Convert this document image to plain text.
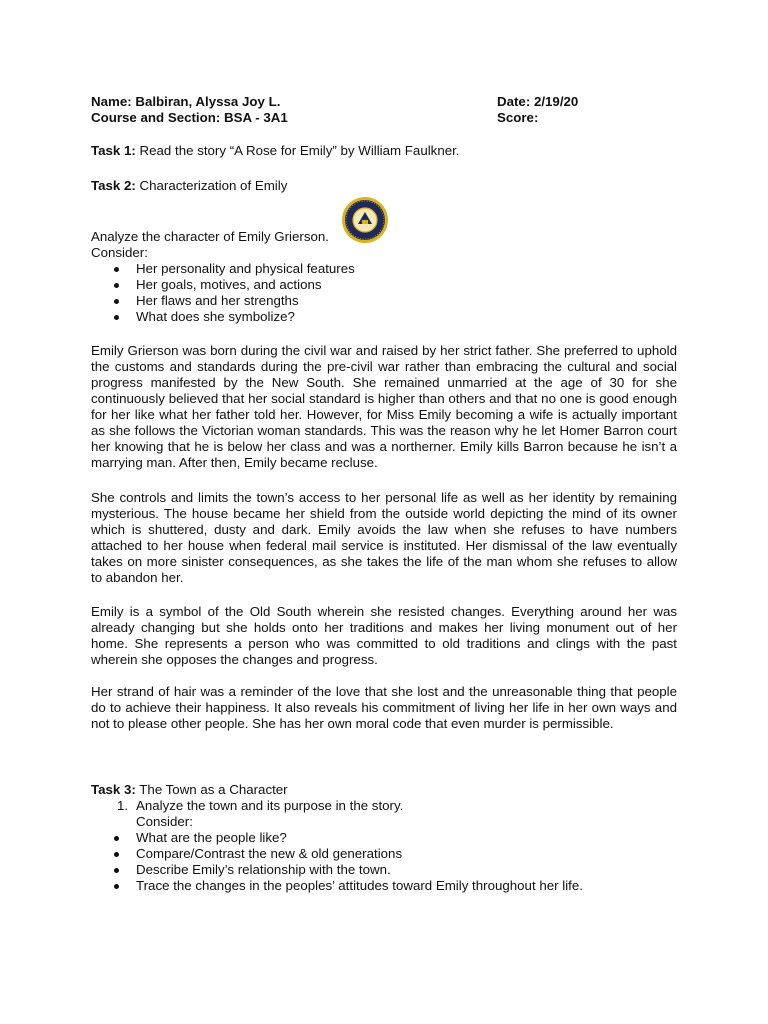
Name: Balbiran, Alyssa Joy L.	Date: 2/19/20
Course and Section: BSA - 3A1	Score:
Task 1: Read the story “A Rose for Emily” by William Faulkner.
Task 2: Characterization of Emily
Analyze the character of Emily Grierson.
Consider:
Her personality and physical features
Her goals, motives, and actions
Her flaws and her strengths
What does she symbolize?

Emily Grierson was born during the civil war and raised by her strict father. She preferred to uphold the customs and standards during the pre-civil war rather than embracing the cultural and social progress manifested by the New South. She remained unmarried at the age of 30 for she continuously believed that her social standard is higher than others and that no one is good enough for her like what her father told her. However, for Miss Emily becoming a wife is actually important as she follows the Victorian woman standards. This was the reason why he let Homer Barron court her knowing that he is below her class and was a northerner. Emily kills Barron because he isn’t a marrying man. After then, Emily became recluse.

She controls and limits the town’s access to her personal life as well as her identity by remaining mysterious. The house became her shield from the outside world depicting the mind of its owner which is shuttered, dusty and dark. Emily avoids the law when she refuses to have numbers attached to her house when federal mail service is instituted. Her dismissal of the law eventually takes on more sinister consequences, as she takes the life of the man whom she refuses to allow to abandon her.

Emily is a symbol of the Old South wherein she resisted changes. Everything around her was already changing but she holds onto her traditions and makes her living monument out of her home. She represents a person who was committed to old traditions and clings with the past wherein she opposes the changes and progress.

Her strand of hair was a reminder of the love that she lost and the unreasonable thing that people do to achieve their happiness. It also reveals his commitment of living her life in her own ways and not to please other people. She has her own moral code that even murder is permissible.

Task 3: The Town as a Character
1. Analyze the town and its purpose in the story.
Consider:
What are the people like?
Compare/Contrast the new & old generations
Describe Emily’s relationship with the town.
Trace the changes in the peoples’ attitudes toward Emily throughout her life.
